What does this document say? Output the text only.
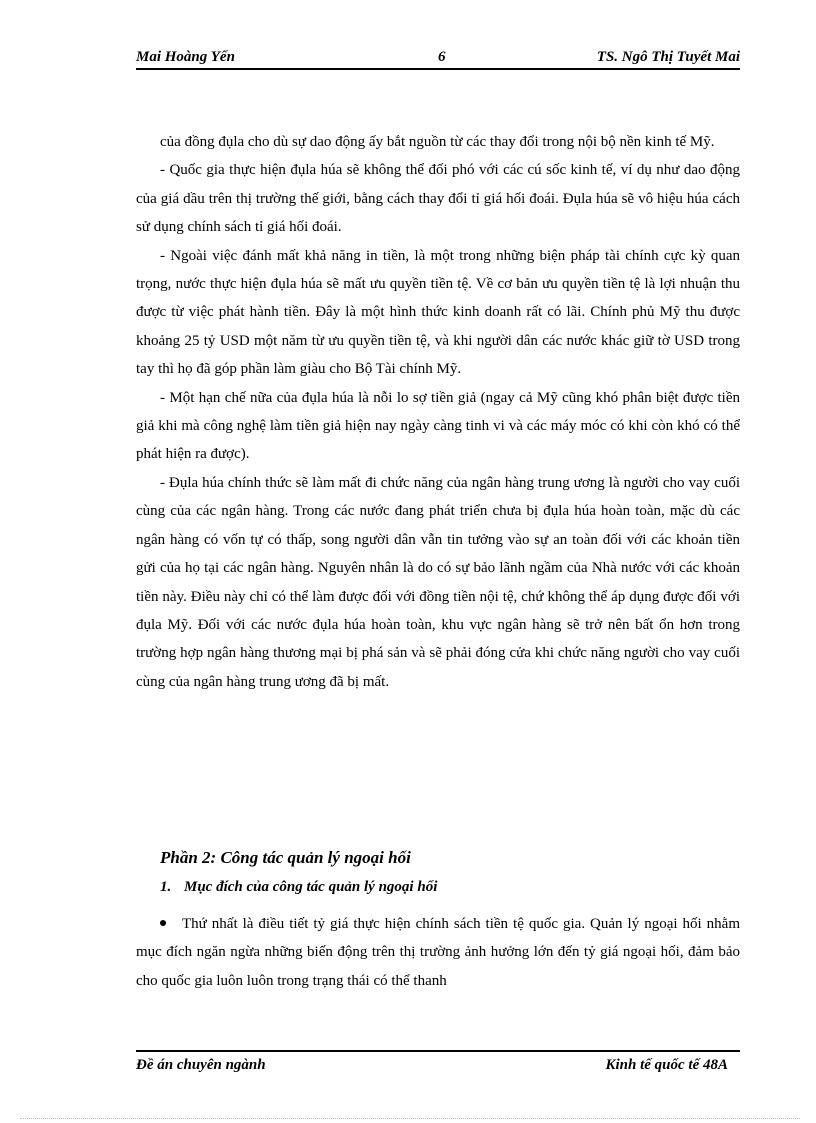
Mai Hoàng Yến	6	TS. Ngô Thị Tuyết Mai

của đồng đụla cho dù sự dao động ấy bắt nguồn từ các thay đổi trong nội bộ nền kinh tế Mỹ.

- Quốc gia thực hiện đụla húa sẽ không thể đối phó với các cú sốc kinh tế, ví dụ như dao động của giá dầu trên thị trường thế giới, bằng cách thay đổi tỉ giá hối đoái. Đụla húa sẽ vô hiệu húa cách sử dụng chính sách tỉ giá hối đoái.

- Ngoài việc đánh mất khả năng in tiền, là một trong những biện pháp tài chính cực kỳ quan trọng, nước thực hiện đụla húa sẽ mất ưu quyền tiền tệ. Về cơ bản ưu quyền tiền tệ là lợi nhuận thu được từ việc phát hành tiền. Đây là một hình thức kinh doanh rất có lãi. Chính phủ Mỹ thu được khoảng 25 tỷ USD một năm từ ưu quyền tiền tệ, và khi người dân các nước khác giữ tờ USD trong tay thì họ đã góp phần làm giàu cho Bộ Tài chính Mỹ.

- Một hạn chế nữa của đụla húa là nỗi lo sợ tiền giả (ngay cả Mỹ cũng khó phân biệt được tiền giả khi mà công nghệ làm tiền giả hiện nay ngày càng tinh vi và các máy móc có khi còn khó có thể phát hiện ra được).

- Đụla húa chính thức sẽ làm mất đi chức năng của ngân hàng trung ương là người cho vay cuối cùng của các ngân hàng. Trong các nước đang phát triển chưa bị đụla húa hoàn toàn, mặc dù các ngân hàng có vốn tự có thấp, song người dân vẫn tin tưởng vào sự an toàn đối với các khoản tiền gửi của họ tại các ngân hàng. Nguyên nhân là do có sự bảo lãnh ngầm của Nhà nước với các khoản tiền này. Điều này chỉ có thể làm được đối với đồng tiền nội tệ, chứ không thể áp dụng được đối với đụla Mỹ. Đối với các nước đụla húa hoàn toàn, khu vực ngân hàng sẽ trở nên bất ổn hơn trong trường hợp ngân hàng thương mại bị phá sản và sẽ phải đóng cửa khi chức năng người cho vay cuối cùng của ngân hàng trung ương đã bị mất.

Phần 2: Công tác quản lý ngoại hối
1. Mục đích của công tác quản lý ngoại hối

Thứ nhất là điều tiết tỷ giá thực hiện chính sách tiền tệ quốc gia. Quản lý ngoại hối nhằm mục đích ngăn ngừa những biến động trên thị trường ảnh hưởng lớn đến tỷ giá ngoại hối, đảm bảo cho quốc gia luôn luôn trong trạng thái có thể thanh

Đề án chuyên ngành	Kinh tế quốc tế 48A
